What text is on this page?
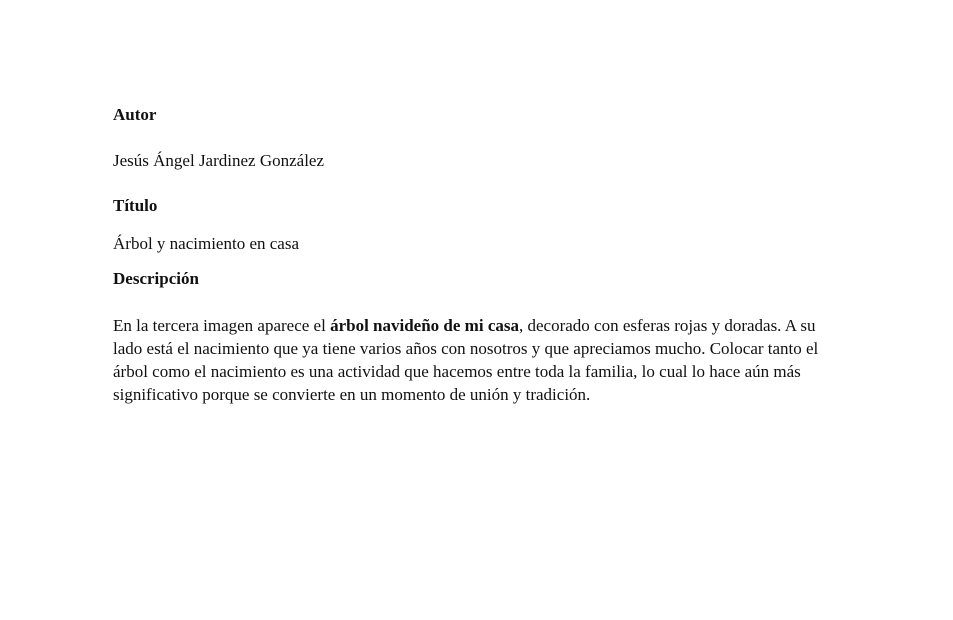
Autor

Jesús Ángel Jardinez González

Título

Árbol y nacimiento en casa

Descripción

En la tercera imagen aparece el árbol navideño de mi casa, decorado con esferas rojas y doradas. A su lado está el nacimiento que ya tiene varios años con nosotros y que apreciamos mucho. Colocar tanto el árbol como el nacimiento es una actividad que hacemos entre toda la familia, lo cual lo hace aún más significativo porque se convierte en un momento de unión y tradición.
